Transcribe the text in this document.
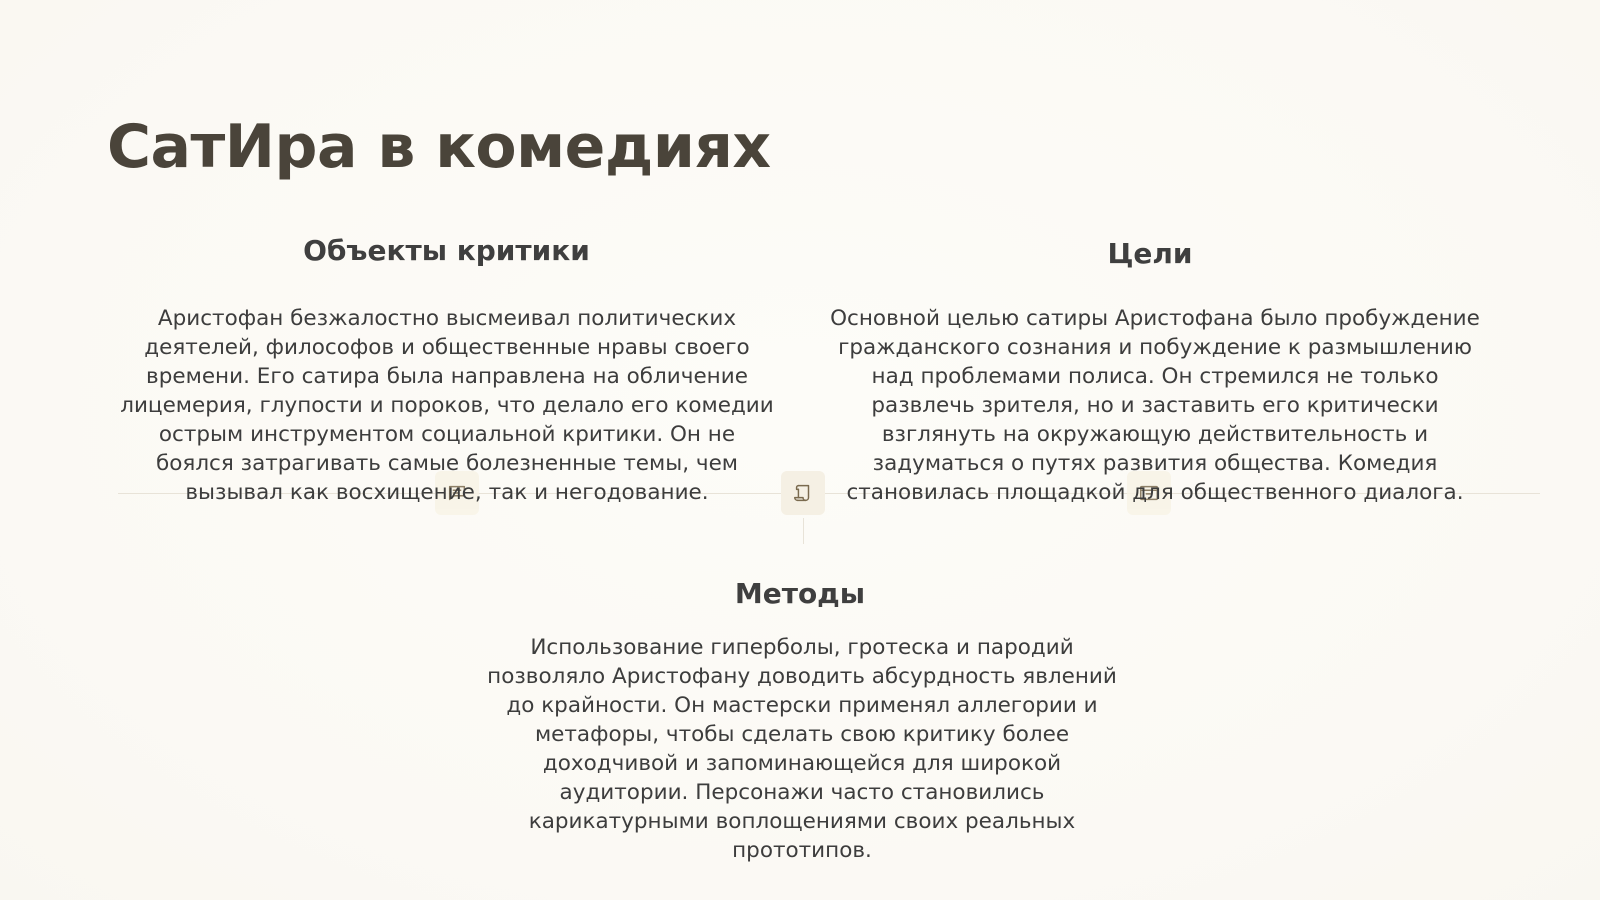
СатИра в комедиях
Объекты критики

Аристофан безжалостно высмеивал политических деятелей, философов и общественные нравы своего времени. Его сатира была направлена на обличение лицемерия, глупости и пороков, что делало его комедии острым инструментом социальной критики. Он не боялся затрагивать самые болезненные темы, чем вызывал как восхищение, так и негодование.

Цели

Основной целью сатиры Аристофана было пробуждение гражданского сознания и побуждение к размышлению над проблемами полиса. Он стремился не только развлечь зрителя, но и заставить его критически взглянуть на окружающую действительность и задуматься о путях развития общества. Комедия становилась площадкой для общественного диалога.

Методы

Использование гиперболы, гротеска и пародий позволяло Аристофану доводить абсурдность явлений до крайности. Он мастерски применял аллегории и метафоры, чтобы сделать свою критику более доходчивой и запоминающейся для широкой аудитории. Персонажи часто становились карикатурными воплощениями своих реальных прототипов.
